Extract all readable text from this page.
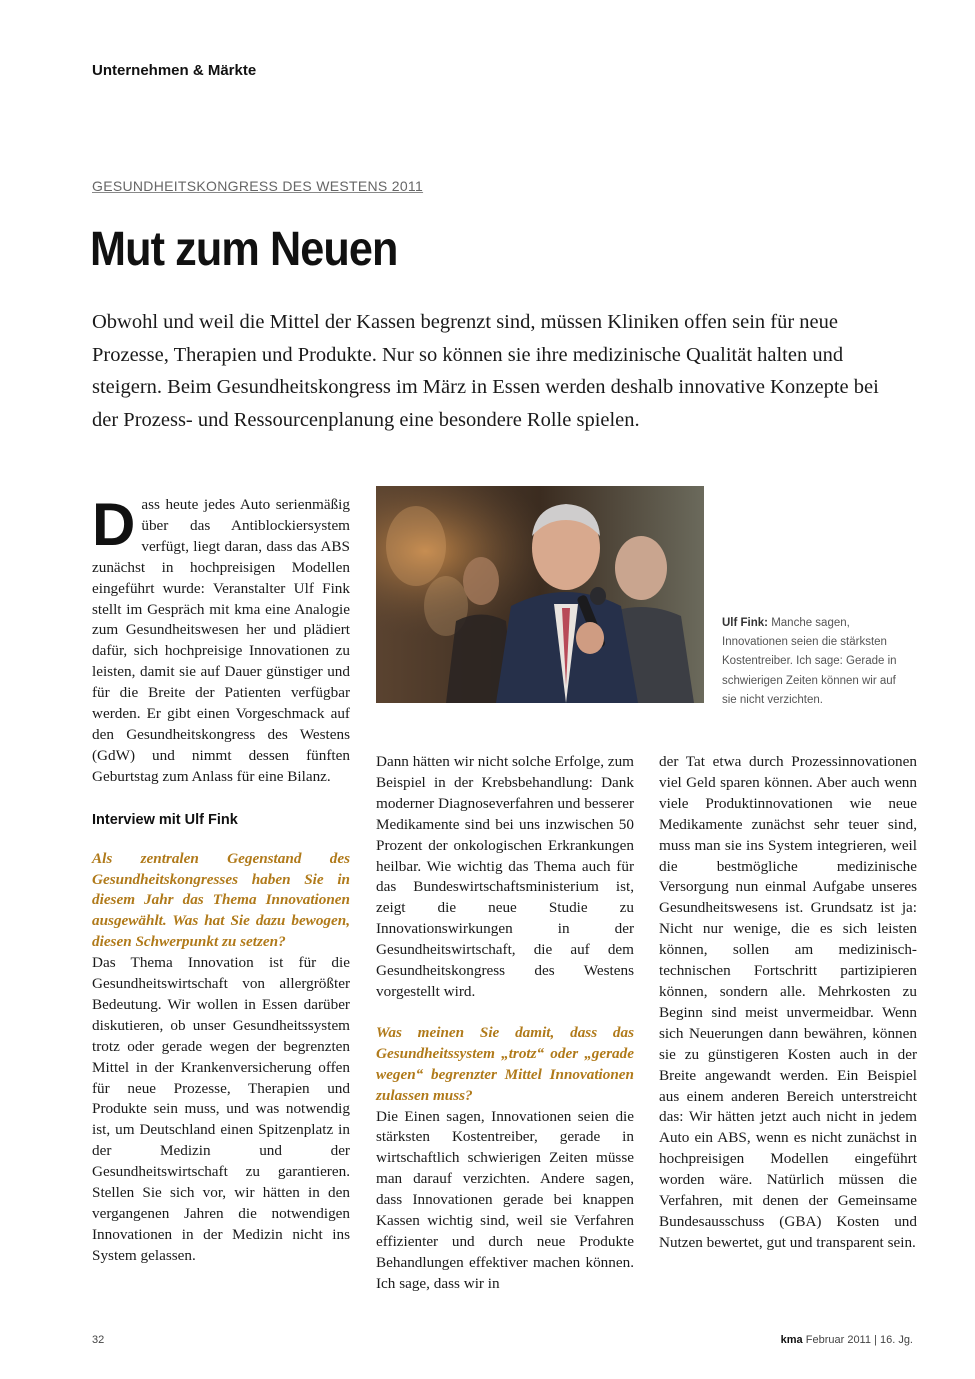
Unternehmen & Märkte
GESUNDHEITSKONGRESS DES WESTENS 2011
Mut zum Neuen

Obwohl und weil die Mittel der Kassen begrenzt sind, müssen Kliniken offen sein für neue Prozesse, Therapien und Produkte. Nur so können sie ihre medizinische Qualität halten und steigern. Beim Gesundheitskongress im März in Essen werden deshalb innovative Konzepte bei der Prozess- und Ressourcenplanung eine besondere Rolle spielen.

Dass heute jedes Auto serienmäßig über das Antiblockiersystem verfügt, liegt daran, dass das ABS zunächst in hochpreisigen Modellen eingeführt wurde: Veranstalter Ulf Fink stellt im Gespräch mit kma eine Analogie zum Gesundheitswesen her und plädiert dafür, sich hochpreisige Innovationen zu leisten, damit sie auf Dauer günstiger und für die Breite der Patienten verfügbar werden. Er gibt einen Vorgeschmack auf den Gesundheitskongress des Westens (GdW) und nimmt dessen fünften Geburtstag zum Anlass für eine Bilanz.

Interview mit Ulf Fink

Als zentralen Gegenstand des Gesundheitskongresses haben Sie in diesem Jahr das Thema Innovationen ausgewählt. Was hat Sie dazu bewogen, diesen Schwerpunkt zu setzen?

Das Thema Innovation ist für die Gesundheitswirtschaft von allergrößter Bedeutung. Wir wollen in Essen darüber diskutieren, ob unser Gesundheitssystem trotz oder gerade wegen der begrenzten Mittel in der Krankenversicherung offen für neue Prozesse, Therapien und Produkte sein muss, und was notwendig ist, um Deutschland einen Spitzenplatz in der Medizin und der Gesundheitswirtschaft zu garantieren. Stellen Sie sich vor, wir hätten in den vergangenen Jahren die notwendigen Innovationen in der Medizin nicht ins System gelassen.

Ulf Fink: Manche sagen, Innovationen seien die stärksten Kostentreiber. Ich sage: Gerade in schwierigen Zeiten können wir auf sie nicht verzichten.

Dann hätten wir nicht solche Erfolge, zum Beispiel in der Krebsbehandlung: Dank moderner Diagnoseverfahren und besserer Medikamente sind bei uns inzwischen 50 Prozent der onkologischen Erkrankungen heilbar. Wie wichtig das Thema auch für das Bundeswirtschaftsministerium ist, zeigt die neue Studie zu Innovationswirkungen in der Gesundheitswirtschaft, die auf dem Gesundheitskongress des Westens vorgestellt wird.

Was meinen Sie damit, dass das Gesundheitssystem „trotz“ oder „gerade wegen“ begrenzter Mittel Innovationen zulassen muss?

Die Einen sagen, Innovationen seien die stärksten Kostentreiber, gerade in wirtschaftlich schwierigen Zeiten müsse man darauf verzichten. Andere sagen, dass Innovationen gerade bei knappen Kassen wichtig sind, weil sie Verfahren effizienter und durch neue Produkte Behandlungen effektiver machen können. Ich sage, dass wir in

der Tat etwa durch Prozessinnovationen viel Geld sparen können. Aber auch wenn viele Produktinnovationen wie neue Medikamente zunächst sehr teuer sind, muss man sie ins System integrieren, weil die bestmögliche medizinische Versorgung nun einmal Aufgabe unseres Gesundheitswesens ist. Grundsatz ist ja: Nicht nur wenige, die es sich leisten können, sollen am medizinisch-technischen Fortschritt partizipieren können, sondern alle. Mehrkosten zu Beginn sind meist unvermeidbar. Wenn sich Neuerungen dann bewähren, können sie zu günstigeren Kosten auch in der Breite angewandt werden. Ein Beispiel aus einem anderen Bereich unterstreicht das: Wir hätten jetzt auch nicht in jedem Auto ein ABS, wenn es nicht zunächst in hochpreisigen Modellen eingeführt worden wäre. Natürlich müssen die Verfahren, mit denen der Gemeinsame Bundesausschuss (GBA) Kosten und Nutzen bewertet, gut und transparent sein.

32	kma Februar 2011 | 16. Jg.
